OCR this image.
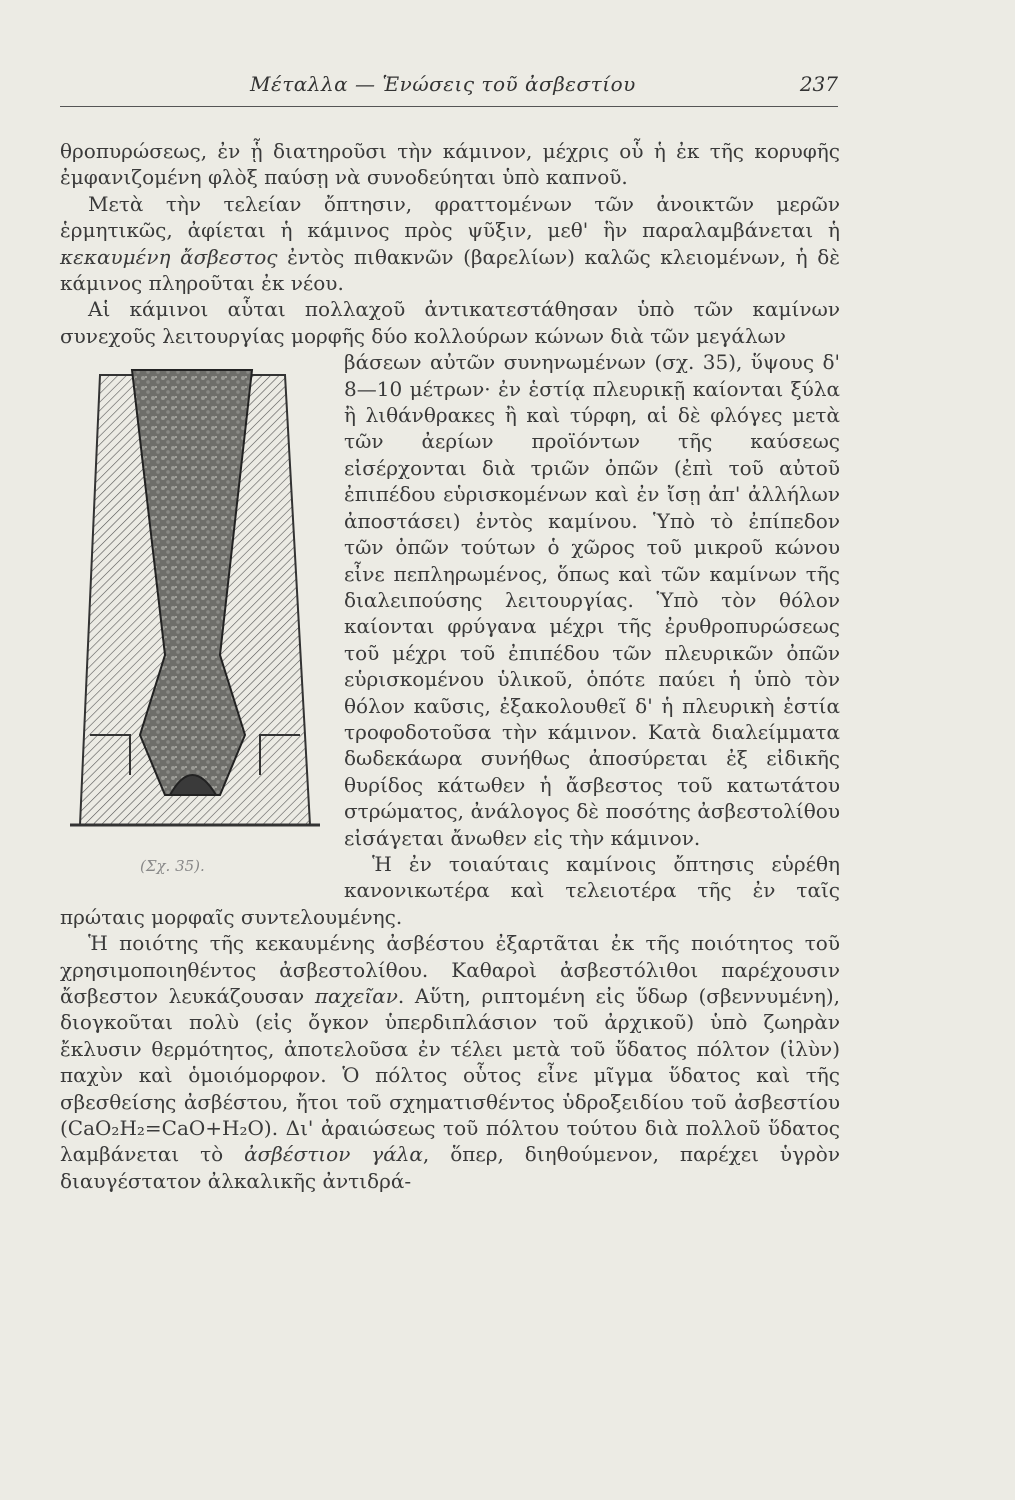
Μέταλλα — Ἑνώσεις τοῦ ἀσβεστίου	237

θροπυρώσεως, ἐν ᾗ διατηροῦσι τὴν κάμινον, μέχρις οὗ ἡ ἐκ τῆς κορυφῆς ἐμφανιζομένη φλὸξ παύσῃ νὰ συνοδεύηται ὑπὸ καπνοῦ.

Μετὰ τὴν τελείαν ὄπτησιν, φραττομένων τῶν ἀνοικτῶν μερῶν ἑρμητικῶς, ἀφίεται ἡ κάμινος πρὸς ψῦξιν, μεθ' ἣν παραλαμβάνεται ἡ κεκαυμένη ἄσβεστος ἐντὸς πιθακνῶν (βαρελίων) καλῶς κλειομένων, ἡ δὲ κάμινος πληροῦται ἐκ νέου.

Αἱ κάμινοι αὗται πολλαχοῦ ἀντικατεστάθησαν ὑπὸ τῶν καμίνων συνεχοῦς λειτουργίας μορφῆς δύο κολλούρων κώνων διὰ τῶν μεγάλων

(Σχ. 35).

βάσεων αὐτῶν συνηνωμένων (σχ. 35), ὕψους δ' 8—10 μέτρων· ἐν ἑστίᾳ πλευρικῇ καίονται ξύλα ἢ λιθάνθρακες ἢ καὶ τύρφη, αἱ δὲ φλόγες μετὰ τῶν ἀερίων προϊόντων τῆς καύσεως εἰσέρχονται διὰ τριῶν ὀπῶν (ἐπὶ τοῦ αὐτοῦ ἐπιπέδου εὑρισκομένων καὶ ἐν ἴσῃ ἀπ' ἀλλήλων ἀποστάσει) ἐντὸς καμίνου. Ὑπὸ τὸ ἐπίπεδον τῶν ὀπῶν τούτων ὁ χῶρος τοῦ μικροῦ κώνου εἶνε πεπληρωμένος, ὅπως καὶ τῶν καμίνων τῆς διαλειπούσης λειτουργίας. Ὑπὸ τὸν θόλον καίονται φρύγανα μέχρι τῆς ἐρυθροπυρώσεως τοῦ μέχρι τοῦ ἐπιπέδου τῶν πλευρικῶν ὀπῶν εὑρισκομένου ὑλικοῦ, ὁπότε παύει ἡ ὑπὸ τὸν θόλον καῦσις, ἐξακολουθεῖ δ' ἡ πλευρικὴ ἑστία τροφοδοτοῦσα τὴν κάμινον. Κατὰ διαλείμματα δωδεκάωρα συνήθως ἀποσύρεται ἐξ εἰδικῆς θυρίδος κάτωθεν ἡ ἄσβεστος τοῦ κατωτάτου στρώματος, ἀνάλογος δὲ ποσότης ἀσβεστολίθου εἰσάγεται ἄνωθεν εἰς τὴν κάμινον.

Ἡ ἐν τοιαύταις καμίνοις ὄπτησις εὑρέθη κανονικωτέρα καὶ τελειοτέρα τῆς ἐν ταῖς πρώταις μορφαῖς συντελουμένης.

Ἡ ποιότης τῆς κεκαυμένης ἀσβέστου ἐξαρτᾶται ἐκ τῆς ποιότητος τοῦ χρησιμοποιηθέντος ἀσβεστολίθου. Καθαροὶ ἀσβεστόλιθοι παρέχουσιν ἄσβεστον λευκάζουσαν παχεῖαν. Αὕτη, ριπτομένη εἰς ὕδωρ (σβεννυμένη), διογκοῦται πολὺ (εἰς ὄγκον ὑπερδιπλάσιον τοῦ ἀρχικοῦ) ὑπὸ ζωηρὰν ἔκλυσιν θερμότητος, ἀποτελοῦσα ἐν τέλει μετὰ τοῦ ὕδατος πόλτον (ἰλὺν) παχὺν καὶ ὁμοιόμορφον. Ὁ πόλτος οὗτος εἶνε μῖγμα ὕδατος καὶ τῆς σβεσθείσης ἀσβέστου, ἤτοι τοῦ σχηματισθέντος ὑδροξειδίου τοῦ ἀσβεστίου (CaO₂H₂=CaO+H₂O). Δι' ἀραιώσεως τοῦ πόλτου τούτου διὰ πολλοῦ ὕδατος λαμβάνεται τὸ ἀσβέστιον γάλα, ὅπερ, διηθούμενον, παρέχει ὑγρὸν διαυγέστατον ἀλκαλικῆς ἀντιδρά-
